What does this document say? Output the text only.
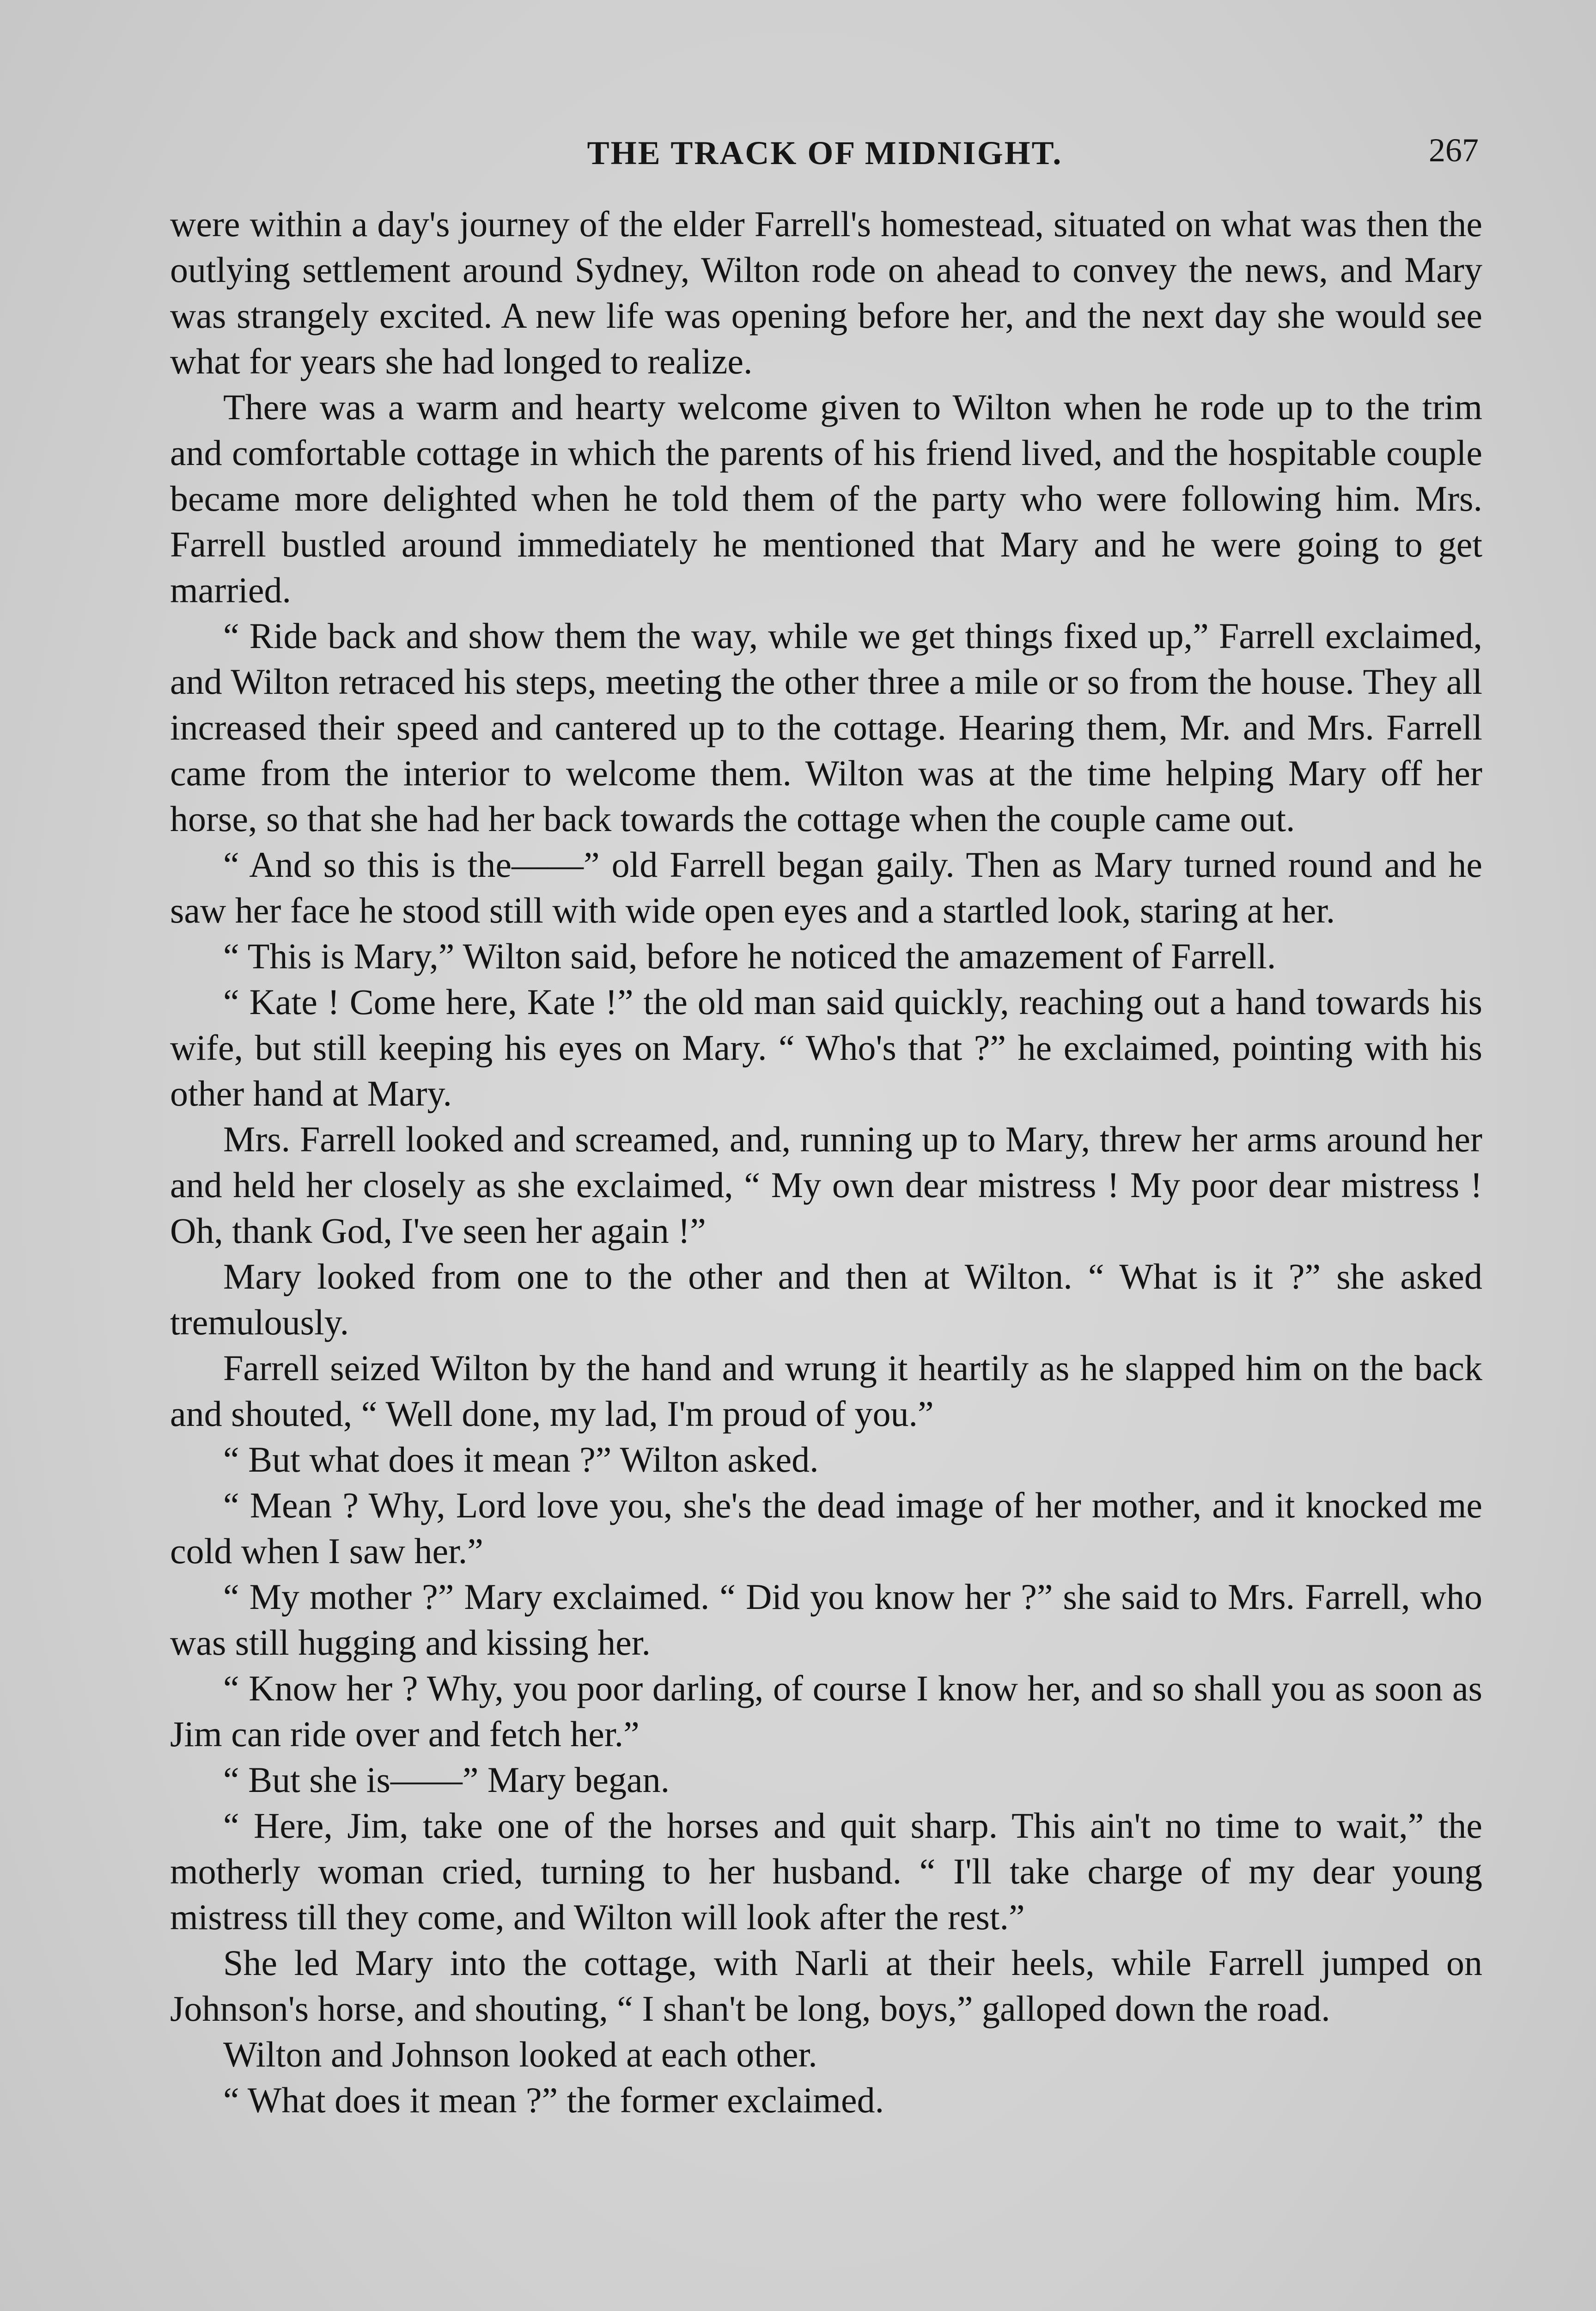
THE TRACK OF MIDNIGHT.	267

were within a day's journey of the elder Farrell's homestead, situated on what was then the outlying settlement around Sydney, Wilton rode on ahead to convey the news, and Mary was strangely excited. A new life was opening before her, and the next day she would see what for years she had longed to realize.

There was a warm and hearty welcome given to Wilton when he rode up to the trim and comfortable cottage in which the parents of his friend lived, and the hospitable couple became more delighted when he told them of the party who were following him. Mrs. Farrell bustled around immediately he mentioned that Mary and he were going to get married.

“ Ride back and show them the way, while we get things fixed up,” Farrell exclaimed, and Wilton retraced his steps, meeting the other three a mile or so from the house. They all increased their speed and cantered up to the cottage. Hearing them, Mr. and Mrs. Farrell came from the interior to welcome them. Wilton was at the time helping Mary off her horse, so that she had her back towards the cottage when the couple came out.

“ And so this is the——” old Farrell began gaily. Then as Mary turned round and he saw her face he stood still with wide open eyes and a startled look, staring at her.

“ This is Mary,” Wilton said, before he noticed the amazement of Farrell.

“ Kate ! Come here, Kate !” the old man said quickly, reaching out a hand towards his wife, but still keeping his eyes on Mary. “ Who's that ?” he exclaimed, pointing with his other hand at Mary.

Mrs. Farrell looked and screamed, and, running up to Mary, threw her arms around her and held her closely as she exclaimed, “ My own dear mistress ! My poor dear mistress ! Oh, thank God, I've seen her again !”

Mary looked from one to the other and then at Wilton. “ What is it ?” she asked tremulously.

Farrell seized Wilton by the hand and wrung it heartily as he slapped him on the back and shouted, “ Well done, my lad, I'm proud of you.”

“ But what does it mean ?” Wilton asked.

“ Mean ? Why, Lord love you, she's the dead image of her mother, and it knocked me cold when I saw her.”

“ My mother ?” Mary exclaimed. “ Did you know her ?” she said to Mrs. Farrell, who was still hugging and kissing her.

“ Know her ? Why, you poor darling, of course I know her, and so shall you as soon as Jim can ride over and fetch her.”

“ But she is——” Mary began.

“ Here, Jim, take one of the horses and quit sharp. This ain't no time to wait,” the motherly woman cried, turning to her husband. “ I'll take charge of my dear young mistress till they come, and Wilton will look after the rest.”

She led Mary into the cottage, with Narli at their heels, while Farrell jumped on Johnson's horse, and shouting, “ I shan't be long, boys,” galloped down the road.

Wilton and Johnson looked at each other.

“ What does it mean ?” the former exclaimed.
